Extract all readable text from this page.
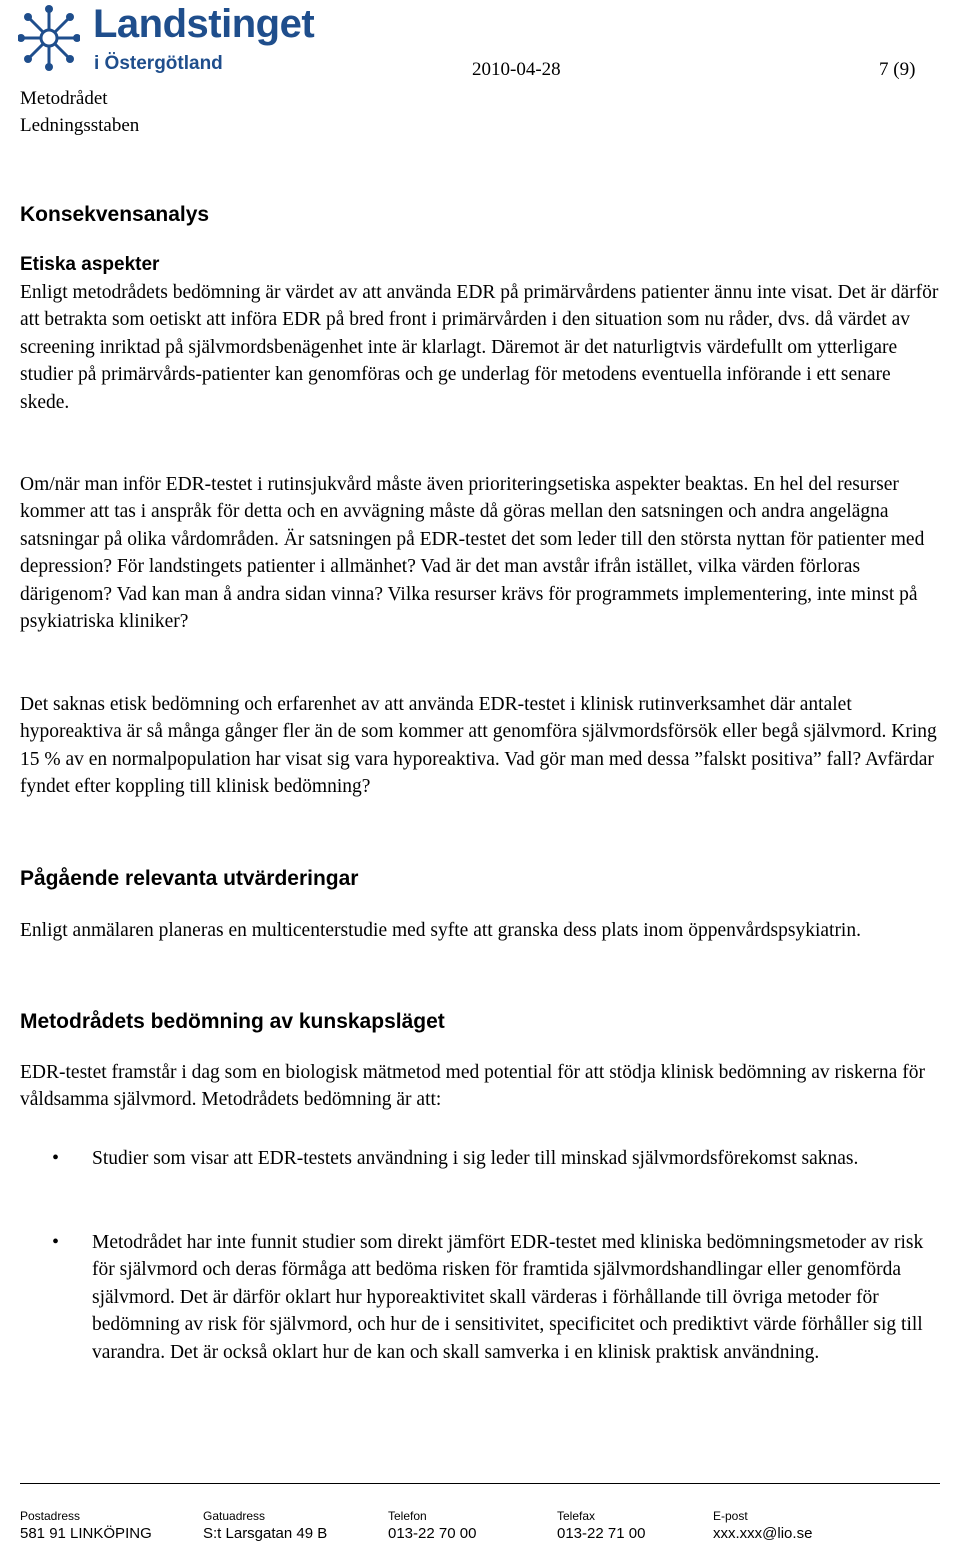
Landstinget
i Östergötland
Metodrådet
Ledningsstaben
2010-04-28	7 (9)
Konsekvensanalys
Etiska aspekter

Enligt metodrådets bedömning är värdet av att använda EDR på primärvårdens patienter ännu inte visat. Det är därför att betrakta som oetiskt att införa EDR på bred front i primärvården i den situation som nu råder, dvs. då värdet av screening inriktad på självmordsbenägenhet inte är klarlagt. Däremot är det naturligtvis värdefullt om ytterligare studier på primärvårds-patienter kan genomföras och ge underlag för metodens eventuella införande i ett senare skede.

Om/när man inför EDR-testet i rutinsjukvård måste även prioriteringsetiska aspekter beaktas. En hel del resurser kommer att tas i anspråk för detta och en avvägning måste då göras mellan den satsningen och andra angelägna satsningar på olika vårdområden. Är satsningen på EDR-testet det som leder till den största nyttan för patienter med depression? För landstingets patienter i allmänhet? Vad är det man avstår ifrån istället, vilka värden förloras därigenom? Vad kan man å andra sidan vinna? Vilka resurser krävs för programmets implementering, inte minst på psykiatriska kliniker?

Det saknas etisk bedömning och erfarenhet av att använda EDR-testet i klinisk rutinverksamhet där antalet hyporeaktiva är så många gånger fler än de som kommer att genomföra självmordsförsök eller begå självmord. Kring 15 % av en normalpopulation har visat sig vara hyporeaktiva. Vad gör man med dessa ”falskt positiva” fall? Avfärdar fyndet efter koppling till klinisk bedömning?

Pågående relevanta utvärderingar

Enligt anmälaren planeras en multicenterstudie med syfte att granska dess plats inom öppenvårdspsykiatrin.

Metodrådets bedömning av kunskapsläget

EDR-testet framstår i dag som en biologisk mätmetod med potential för att stödja klinisk bedömning av riskerna för våldsamma självmord. Metodrådets bedömning är att:

• Studier som visar att EDR-testets användning i sig leder till minskad självmordsförekomst saknas.

• Metodrådet har inte funnit studier som direkt jämfört EDR-testet med kliniska bedömningsmetoder av risk för självmord och deras förmåga att bedöma risken för framtida självmordshandlingar eller genomförda självmord. Det är därför oklart hur hyporeaktivitet skall värderas i förhållande till övriga metoder för bedömning av risk för självmord, och hur de i sensitivitet, specificitet och prediktivt värde förhåller sig till varandra. Det är också oklart hur de kan och skall samverka i en klinisk praktisk användning.

Postadress
581 91 LINKÖPING
Gatuadress
S:t Larsgatan 49 B
Telefon
013-22 70 00
Telefax
013-22 71 00
E-post
xxx.xxx@lio.se
